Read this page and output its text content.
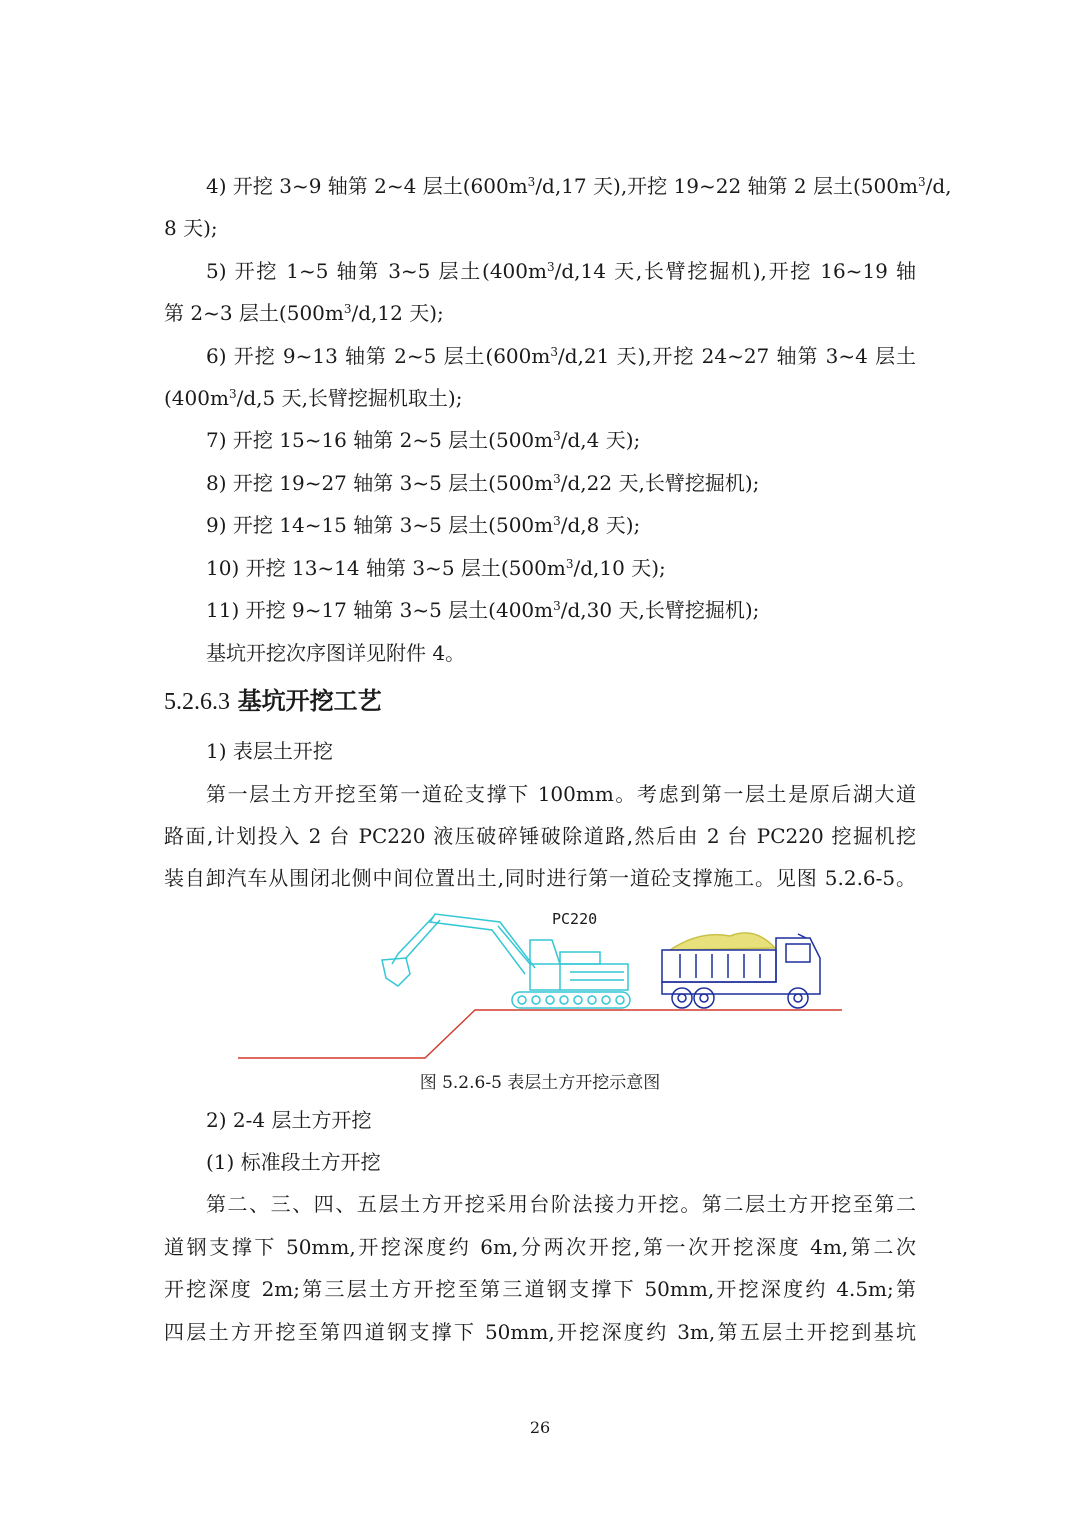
4) 开挖 3~9 轴第 2~4 层土($600m^3/d,17$ 天),开挖 19~22 轴第 2 层土($500m^3/d$,
8 天);
5) 开挖 1~5 轴第 3~5 层土($400m^3/d,14$ 天,长臂挖掘机),开挖 16~19 轴
第 2~3 层土($500m^3/d,12$ 天);
6) 开挖 9~13 轴第 2~5 层土($600m^3/d,21$ 天),开挖 24~27 轴第 3~4 层土
($400m^3/d,5$ 天,长臂挖掘机取土);
7) 开挖 15~16 轴第 2~5 层土($500m^3/d,4$ 天);
8) 开挖 19~27 轴第 3~5 层土($500m^3/d,22$ 天,长臂挖掘机);
9) 开挖 14~15 轴第 3~5 层土($500m^3/d,8$ 天);
10) 开挖 13~14 轴第 3~5 层土($500m^3/d,10$ 天);
11) 开挖 9~17 轴第 3~5 层土($400m^3/d,30$ 天,长臂挖掘机);
基坑开挖次序图详见附件 4。
5.2.6.3 基坑开挖工艺
1) 表层土开挖
第一层土方开挖至第一道砼支撑下 100mm。考虑到第一层土是原后湖大道
路面,计划投入 2 台 PC220 液压破碎锤破除道路,然后由 2 台 PC220 挖掘机挖
装自卸汽车从围闭北侧中间位置出土,同时进行第一道砼支撑施工。见图 5.2.6-5。
PC220
图 5.2.6-5 表层土方开挖示意图
2) 2-4 层土方开挖
(1) 标准段土方开挖
第二、三、四、五层土方开挖采用台阶法接力开挖。第二层土方开挖至第二
道钢支撑下 50mm,开挖深度约 6m,分两次开挖,第一次开挖深度 4m,第二次
开挖深度 2m;第三层土方开挖至第三道钢支撑下 50mm,开挖深度约 4.5m;第
四层土方开挖至第四道钢支撑下 50mm,开挖深度约 3m,第五层土开挖到基坑
26
